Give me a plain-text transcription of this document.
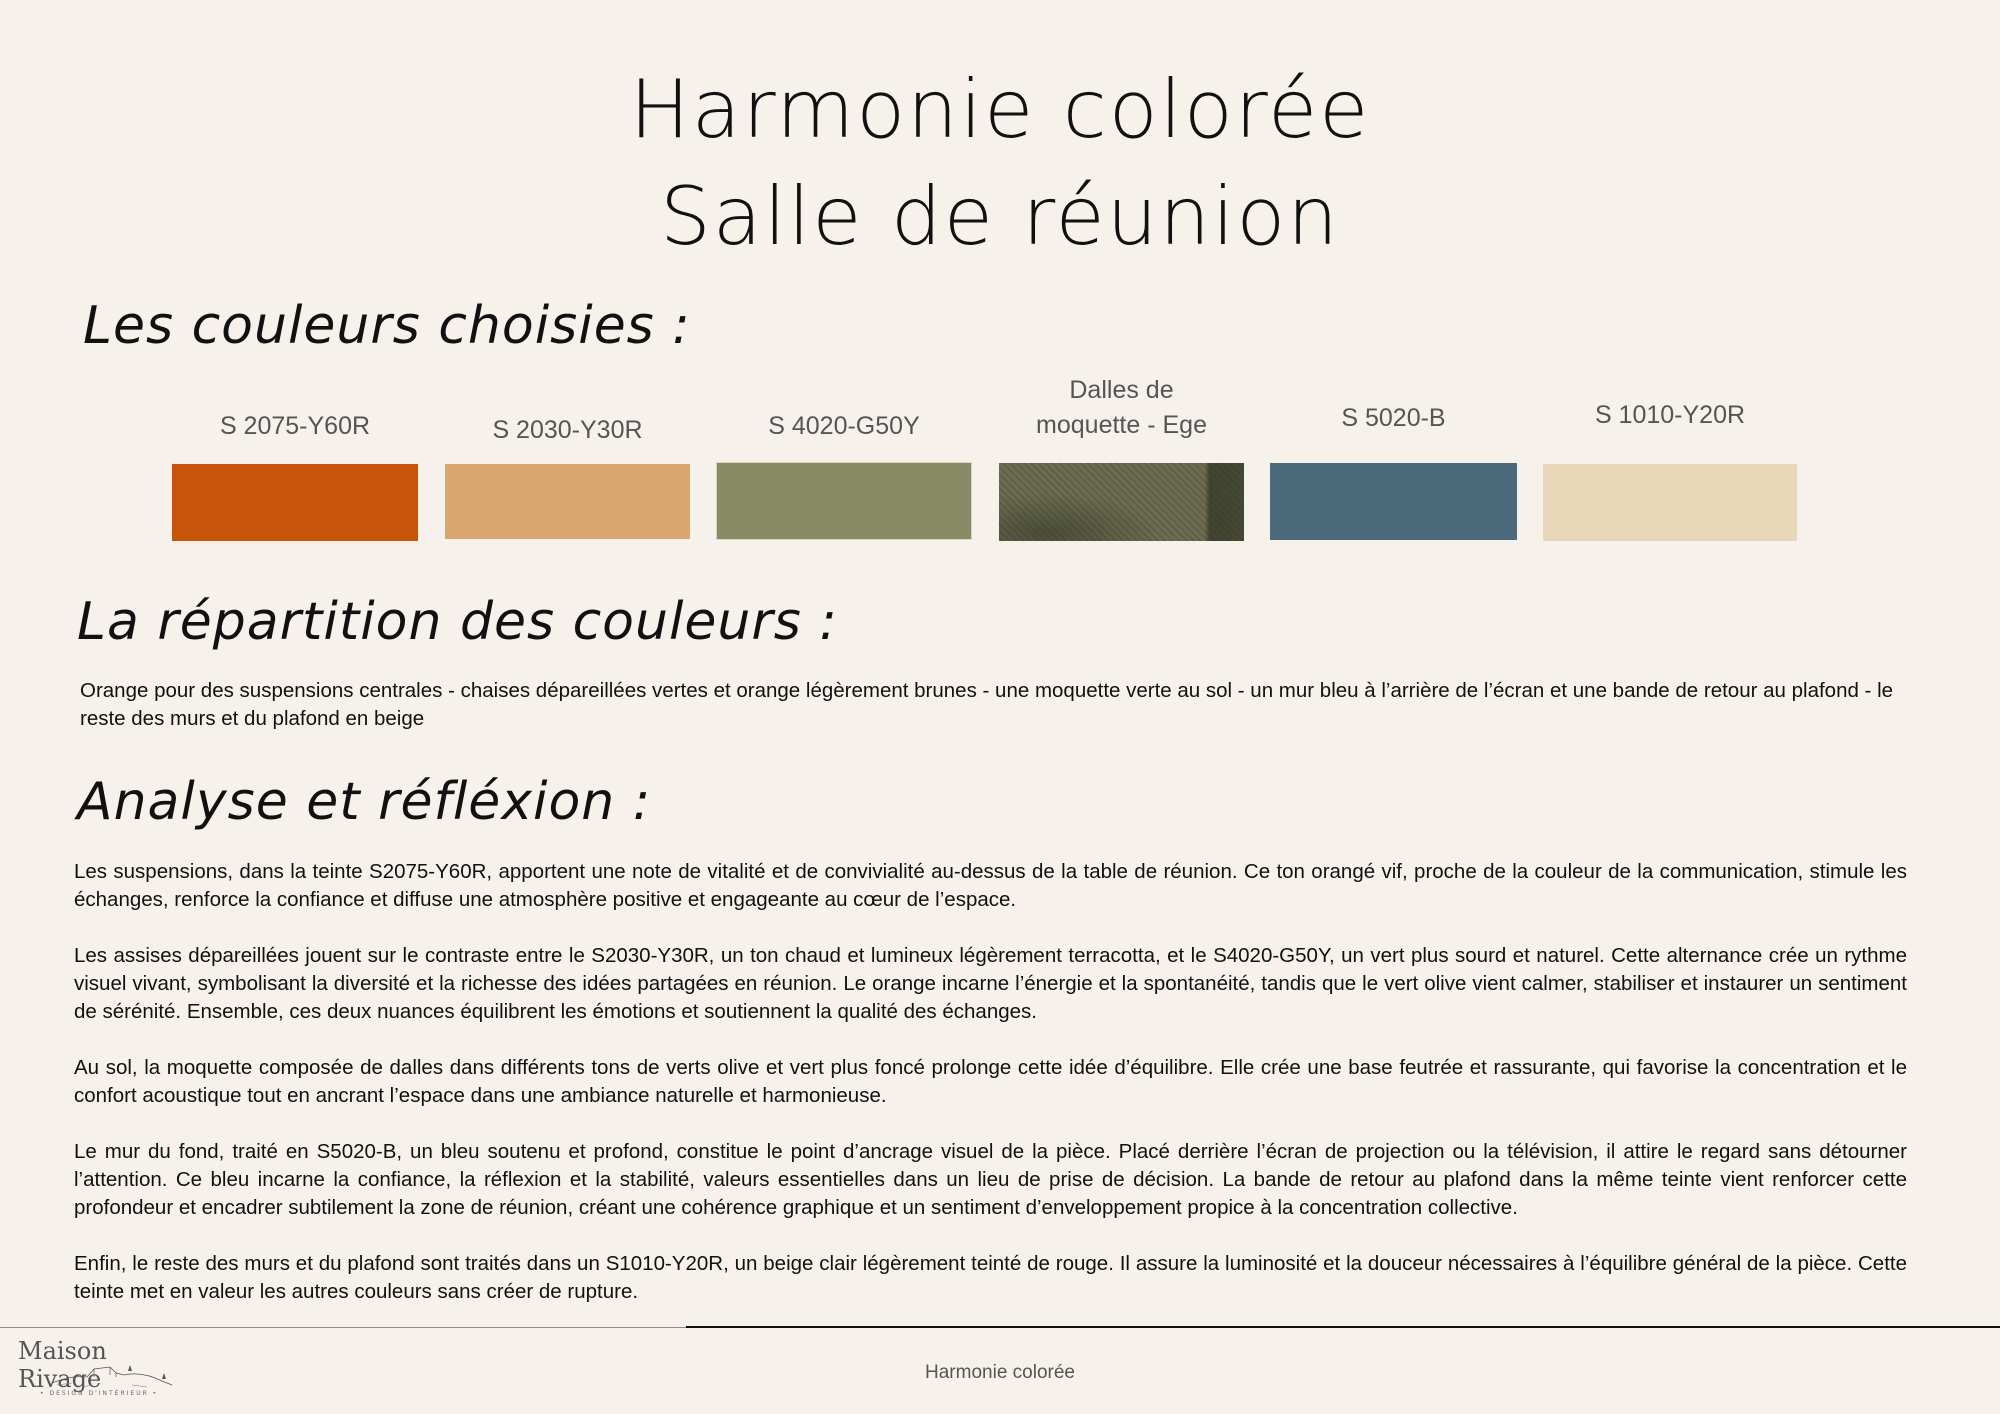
Harmonie colorée
Salle de réunion
Les couleurs choisies :
S 2075-Y60R	S 2030-Y30R	S 4020-G50Y
Dalles de
moquette - Ege	S 5020-B	S 1010-Y20R
La répartition des couleurs :
Orange pour des suspensions centrales - chaises dépareillées vertes et orange légèrement brunes - une moquette verte au sol - un mur bleu à l’arrière de l’écran et une bande de retour au plafond - le reste des murs et du plafond en beige
Analyse et réfléxion :

Les suspensions, dans la teinte S2075-Y60R, apportent une note de vitalité et de convivialité au-dessus de la table de réunion. Ce ton orangé vif, proche de la couleur de la communication, stimule les échanges, renforce la confiance et diffuse une atmosphère positive et engageante au cœur de l’espace.

Les assises dépareillées jouent sur le contraste entre le S2030-Y30R, un ton chaud et lumineux légèrement terracotta, et le S4020-G50Y, un vert plus sourd et naturel. Cette alternance crée un rythme visuel vivant, symbolisant la diversité et la richesse des idées partagées en réunion. Le orange incarne l’énergie et la spontanéité, tandis que le vert olive vient calmer, stabiliser et instaurer un sentiment de sérénité. Ensemble, ces deux nuances équilibrent les émotions et soutiennent la qualité des échanges.

Au sol, la moquette composée de dalles dans différents tons de verts olive et vert plus foncé prolonge cette idée d’équilibre. Elle crée une base feutrée et rassurante, qui favorise la concentration et le confort acoustique tout en ancrant l’espace dans une ambiance naturelle et harmonieuse.

Le mur du fond, traité en S5020-B, un bleu soutenu et profond, constitue le point d’ancrage visuel de la pièce. Placé derrière l’écran de projection ou la télévision, il attire le regard sans détourner l’attention. Ce bleu incarne la confiance, la réflexion et la stabilité, valeurs essentielles dans un lieu de prise de décision. La bande de retour au plafond dans la même teinte vient renforcer cette profondeur et encadrer subtilement la zone de réunion, créant une cohérence graphique et un sentiment d’enveloppement propice à la concentration collective.

Enfin, le reste des murs et du plafond sont traités dans un S1010-Y20R, un beige clair légèrement teinté de rouge. Il assure la luminosité et la douceur nécessaires à l’équilibre général de la pièce. Cette teinte met en valeur les autres couleurs sans créer de rupture.

Maison Rivage
• DESIGN D'INTÉRIEUR •
Harmonie colorée
